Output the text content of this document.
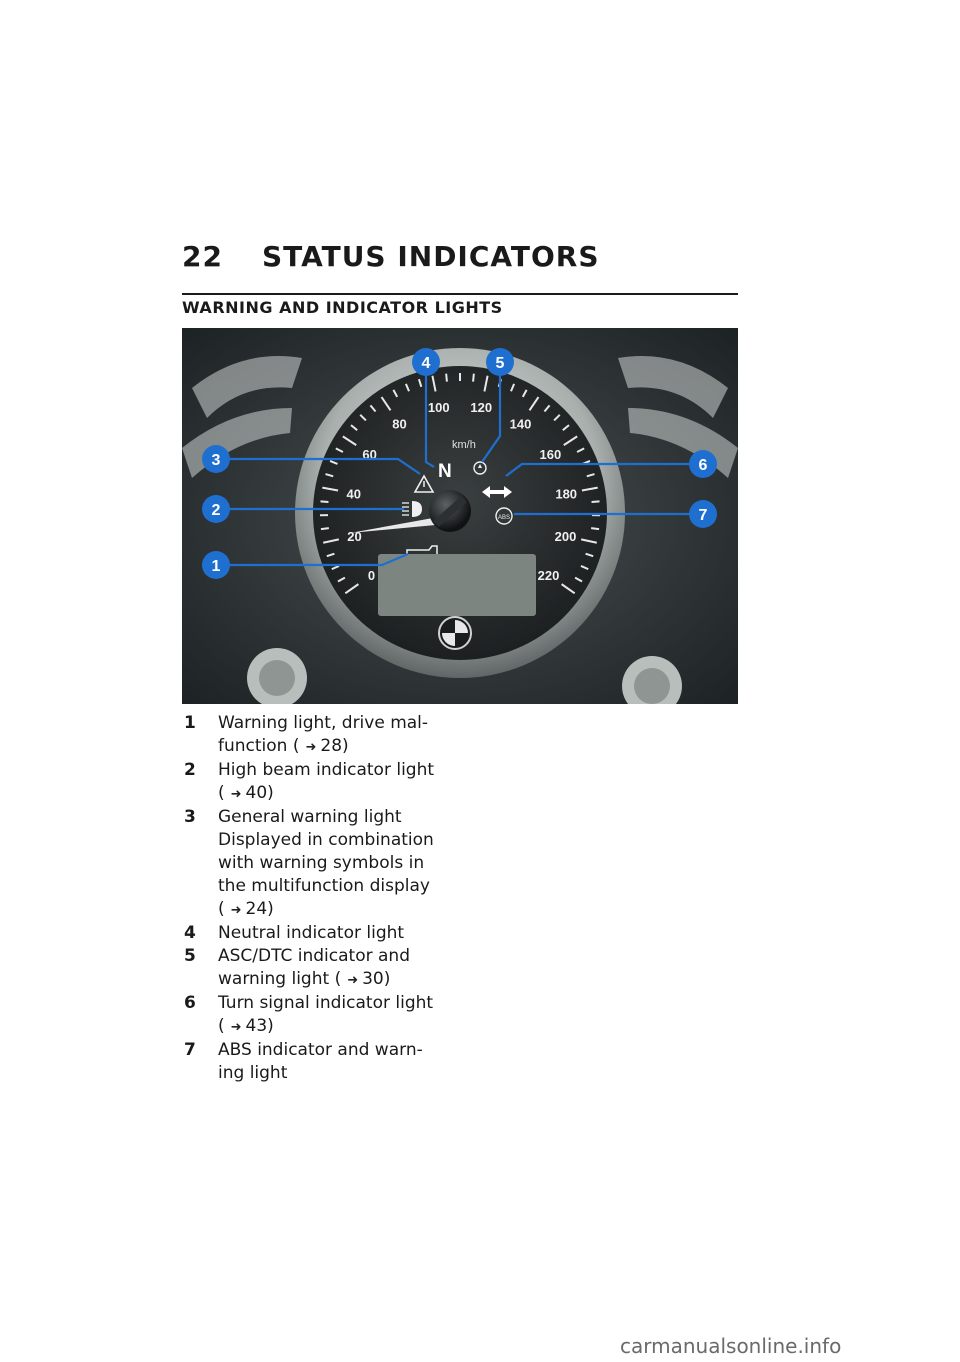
22 STATUS INDICATORS
WARNING AND INDICATOR LIGHTS
0
20
40
60
80
100 120
140
160
180
200
220
km/h
N
ABS
1
2
3
4	5
6
7
1 Warning light, drive mal-
function ( ➜ 28)
2 High beam indicator light
( ➜ 40)
3 General warning light
Displayed in combination with warning symbols in the multifunction display
( ➜ 24)
4 Neutral indicator light
5 ASC/DTC indicator and
warning light ( ➜ 30)
6 Turn signal indicator light
( ➜ 43)
7 ABS indicator and warn-
ing light
carmanualsonline.info
